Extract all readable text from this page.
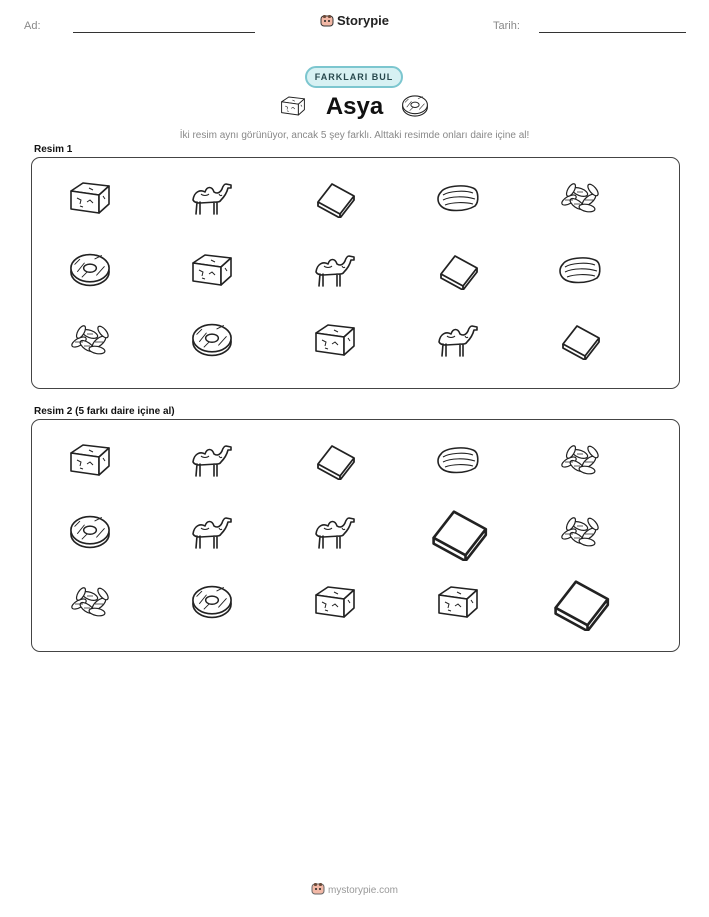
Ad:	Storypie	Tarih:
FARKLARI BUL
Asya
İki resim aynı görünüyor, ancak 5 şey farklı. Alttaki resimde onları daire içine al!
Resim 1
Resim 2 (5 farkı daire içine al)
mystorypie.com
